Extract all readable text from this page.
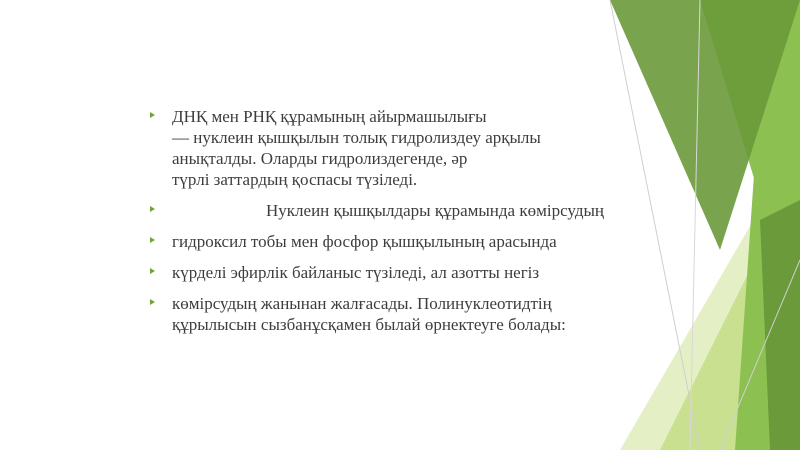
ДНҚ мен РНҚ құрамының айырмашылығы
— нуклеин қышқылын толық гидролиздеу арқылы
анықталды. Оларды гидролиздегенде, әр
түрлі заттардың қоспасы түзіледі.
Нуклеин қышқылдары құрамында көмірсудың
гидроксил тобы мен фосфор қышқылының арасында
күрделі эфирлік байланыс түзіледі, ал азотты негіз
көмірсудың жанынан жалғасады. Полинуклеотидтің
құрылысын сызбанұсқамен былай өрнектеуге болады:
